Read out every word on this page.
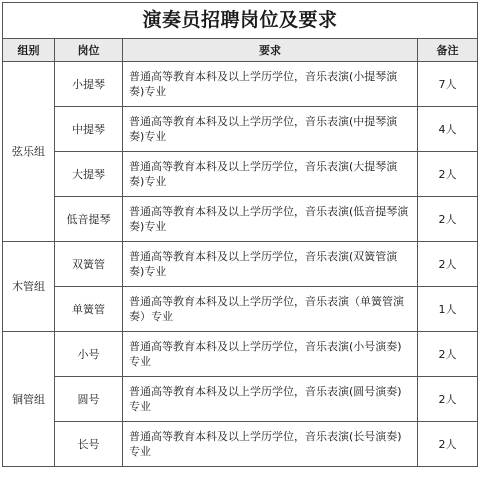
演奏员招聘岗位及要求			
组别	岗位	要求	备注
弦乐组	小提琴	普通高等教育本科及以上学历学位，音乐表演(小提琴演奏)专业	7人
	中提琴	普通高等教育本科及以上学历学位，音乐表演(中提琴演奏)专业	4人
	大提琴	普通高等教育本科及以上学历学位，音乐表演(大提琴演奏)专业	2人
	低音提琴	普通高等教育本科及以上学历学位，音乐表演(低音提琴演奏)专业	2人
木管组	双簧管	普通高等教育本科及以上学历学位，音乐表演(双簧管演奏)专业	2人
	单簧管	普通高等教育本科及以上学历学位，音乐表演（单簧管演奏）专业	1人
铜管组	小号	普通高等教育本科及以上学历学位，音乐表演(小号演奏)专业	2人
	圆号	普通高等教育本科及以上学历学位，音乐表演(圆号演奏)专业	2人
	长号	普通高等教育本科及以上学历学位，音乐表演(长号演奏)专业	2人
